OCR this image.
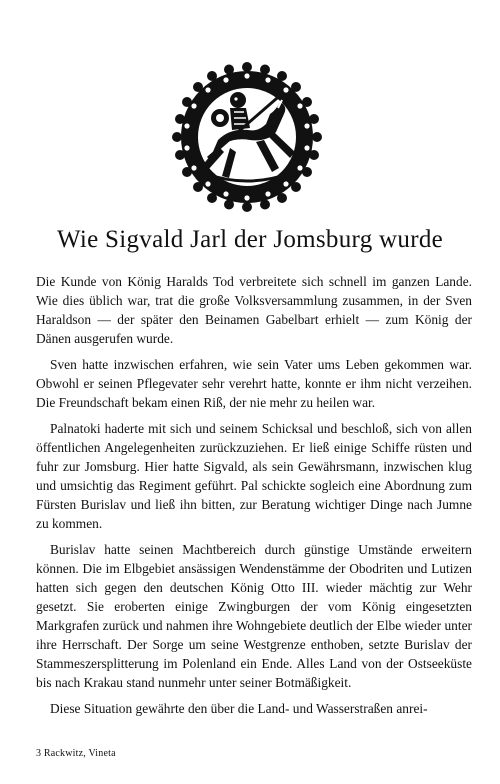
Wie Sigvald Jarl der Jomsburg wurde

Die Kunde von König Haralds Tod verbreitete sich schnell im ganzen Lande. Wie dies üblich war, trat die große Volksversammlung zusammen, in der Sven Haraldson — der später den Beinamen Gabelbart erhielt — zum König der Dänen ausgerufen wurde.

Sven hatte inzwischen erfahren, wie sein Vater ums Leben gekommen war. Obwohl er seinen Pflegevater sehr verehrt hatte, konnte er ihm nicht verzeihen. Die Freundschaft bekam einen Riß, der nie mehr zu heilen war.

Palnatoki haderte mit sich und seinem Schicksal und beschloß, sich von allen öffentlichen Angelegenheiten zurückzuziehen. Er ließ einige Schiffe rüsten und fuhr zur Jomsburg. Hier hatte Sigvald, als sein Gewährsmann, inzwischen klug und umsichtig das Regiment geführt. Pal schickte sogleich eine Abordnung zum Fürsten Burislav und ließ ihn bitten, zur Beratung wichtiger Dinge nach Jumne zu kommen.

Burislav hatte seinen Machtbereich durch günstige Umstände erweitern können. Die im Elbgebiet ansässigen Wendenstämme der Obodriten und Lutizen hatten sich gegen den deutschen König Otto III. wieder mächtig zur Wehr gesetzt. Sie eroberten einige Zwingburgen der vom König eingesetzten Markgrafen zurück und nahmen ihre Wohngebiete deutlich der Elbe wieder unter ihre Herrschaft. Der Sorge um seine Westgrenze enthoben, setzte Burislav der Stammeszersplitterung im Polenland ein Ende. Alles Land von der Ostseeküste bis nach Krakau stand nunmehr unter seiner Botmäßigkeit.

Diese Situation gewährte den über die Land- und Wasserstraßen anrei-

3 Rackwitz, Vineta
